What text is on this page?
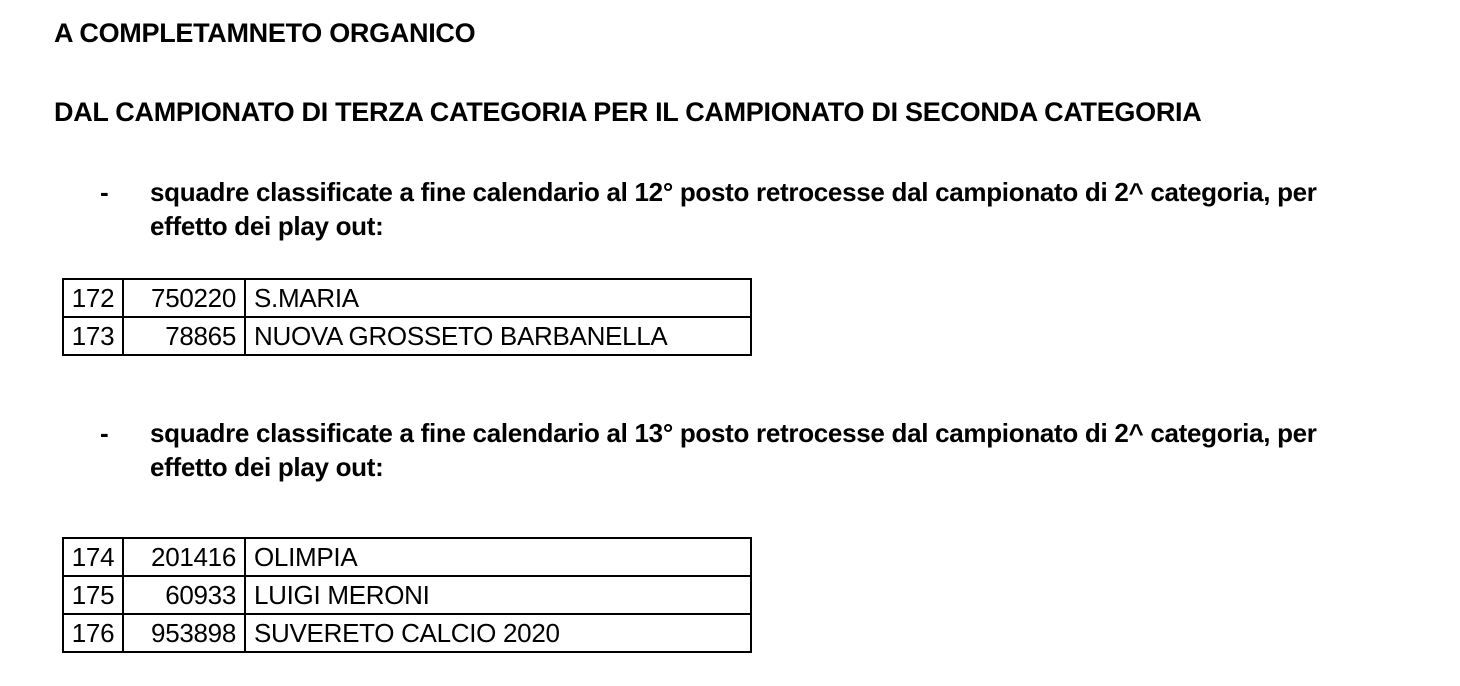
A COMPLETAMNETO ORGANICO
DAL CAMPIONATO DI TERZA CATEGORIA PER IL CAMPIONATO DI SECONDA CATEGORIA
- squadre classificate a fine calendario al 12° posto retrocesse dal campionato di 2^ categoria, per effetto dei play out:
172	750220	S.MARIA
173	78865	NUOVA GROSSETO BARBANELLA
- squadre classificate a fine calendario al 13° posto retrocesse dal campionato di 2^ categoria, per effetto dei play out:
174	201416	OLIMPIA
175	60933	LUIGI MERONI
176	953898	SUVERETO CALCIO 2020
